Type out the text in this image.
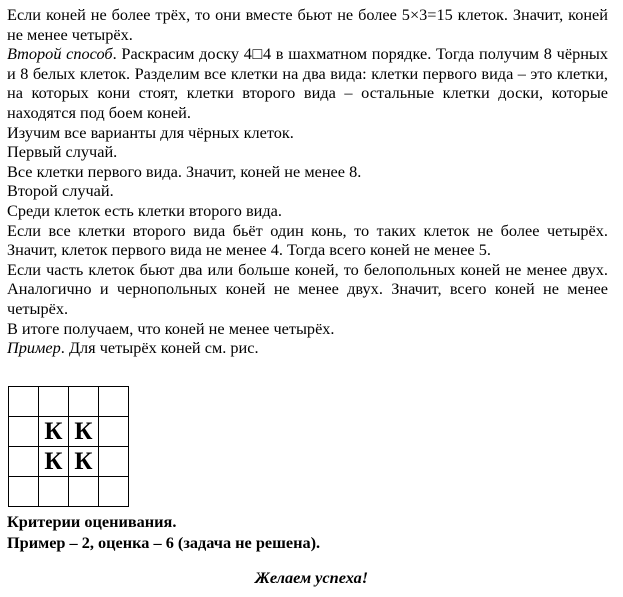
Если коней не более трёх, то они вместе бьют не более 5×3=15 клеток. Значит, коней не менее четырёх.

Второй способ. Раскрасим доску 4□4 в шахматном порядке. Тогда получим 8 чёрных и 8 белых клеток. Разделим все клетки на два вида: клетки первого вида – это клетки, на которых кони стоят, клетки второго вида – остальные клетки доски, которые находятся под боем коней.

Изучим все варианты для чёрных клеток.

Первый случай.

Все клетки первого вида. Значит, коней не менее 8.

Второй случай.

Среди клеток есть клетки второго вида.

Если все клетки второго вида бьёт один конь, то таких клеток не более четырёх. Значит, клеток первого вида не менее 4. Тогда всего коней не менее 5.

Если часть клеток бьют два или больше коней, то белопольных коней не менее двух. Аналогично и чернопольных коней не менее двух. Значит, всего коней не менее четырёх.

В итоге получаем, что коней не менее четырёх.

Пример. Для четырёх коней см. рис.

	К	К	
	К	К	

Критерии оценивания.
Пример – 2, оценка – 6 (задача не решена).
Желаем успеха!
